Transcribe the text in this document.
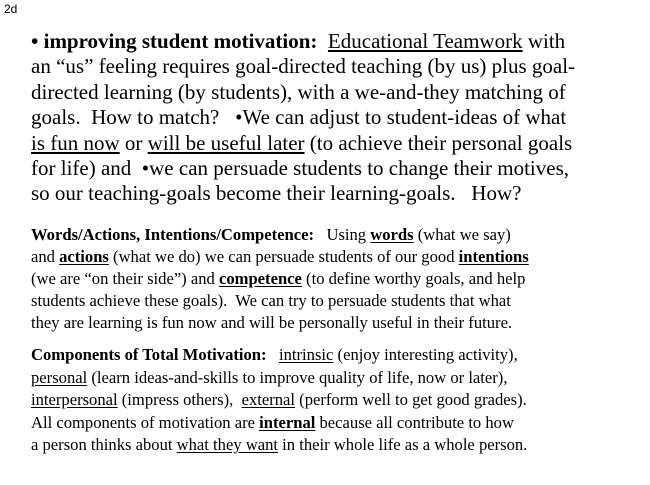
2d
• improving student motivation: Educational Teamwork with
an “us” feeling requires goal-directed teaching (by us) plus goal-
directed learning (by students), with a we-and-they matching of
goals.  How to match?   •We can adjust to student-ideas of what
is fun now or will be useful later (to achieve their personal goals
for life) and  •we can persuade students to change their motives,
so our teaching-goals become their learning-goals.   How?
Words/Actions, Intentions/Competence:   Using words (what we say)
and actions (what we do) we can persuade students of our good intentions
(we are “on their side”) and competence (to define worthy goals, and help
students achieve these goals).  We can try to persuade students that what
they are learning is fun now and will be personally useful in their future.
Components of Total Motivation: intrinsic (enjoy interesting activity),
personal (learn ideas-and-skills to improve quality of life, now or later),
interpersonal (impress others),  external (perform well to get good grades).
All components of motivation are internal because all contribute to how
a person thinks about what they want in their whole life as a whole person.
